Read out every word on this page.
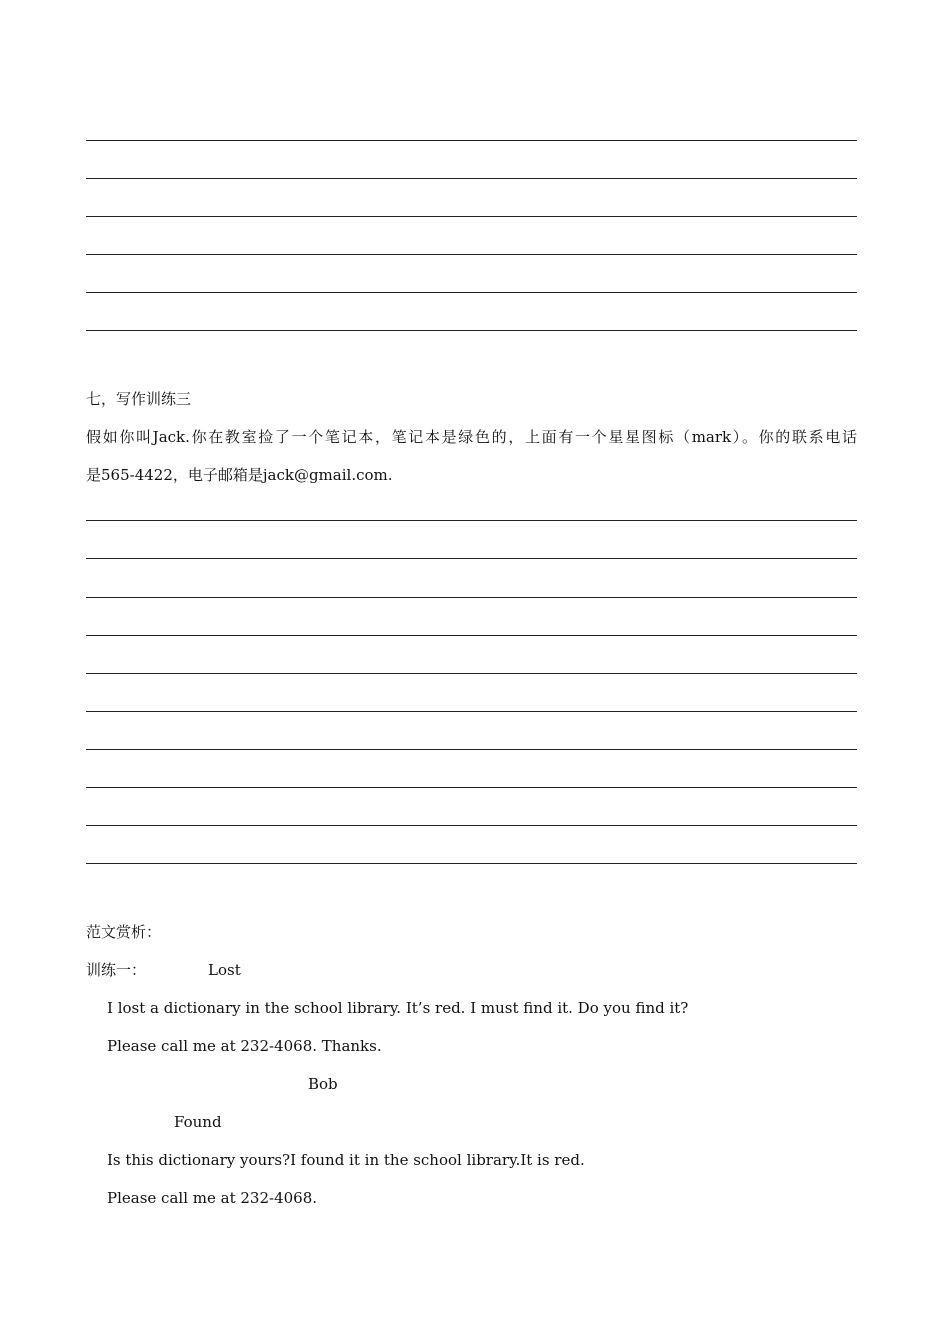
七，写作训练三
假如你叫Jack.你在教室捡了一个笔记本，笔记本是绿色的，上面有一个星星图标（mark）。你的联系电话
是565-4422，电子邮箱是jack@gmail.com.
范文赏析：
训练一：	Lost
I lost a dictionary in the school library. It’s red. I must find it. Do you find it?
Please call me at 232-4068. Thanks.
Bob
Found
Is this dictionary yours?I found it in the school library.It is red.
Please call me at 232-4068.
